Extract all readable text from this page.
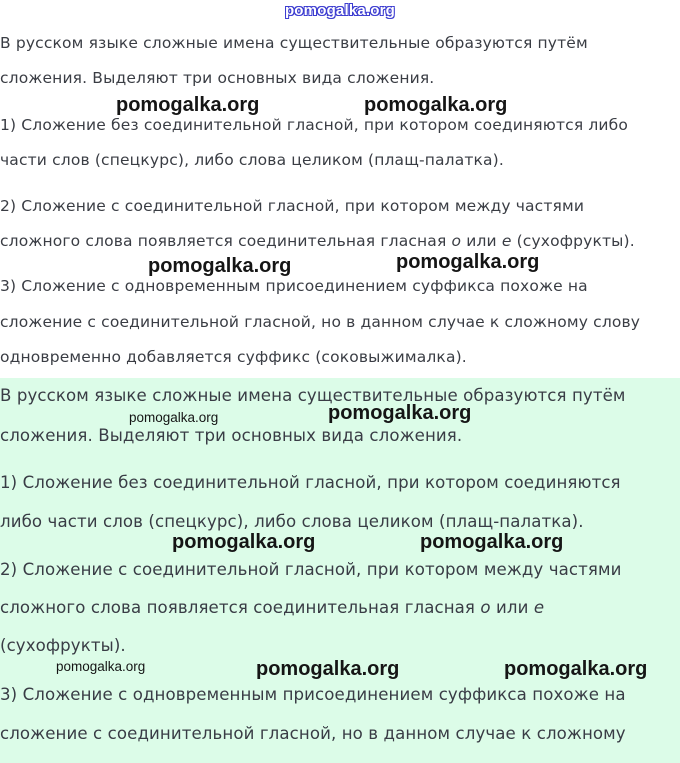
В русском языке сложные имена существительные образуются путём
сложения. Выделяют три основных вида сложения.
1) Сложение без соединительной гласной, при котором соединяются либо
части слов (спецкурс), либо слова целиком (плащ-палатка).
2) Сложение с соединительной гласной, при котором между частями
сложного слова появляется соединительная гласная о или е (сухофрукты).
3) Сложение с одновременным присоединением суффикса похоже на
сложение с соединительной гласной, но в данном случае к сложному слову
одновременно добавляется суффикс (соковыжималка).
В русском языке сложные имена существительные образуются путём
сложения. Выделяют три основных вида сложения.
1) Сложение без соединительной гласной, при котором соединяются
либо части слов (спецкурс), либо слова целиком (плащ-палатка).
2) Сложение с соединительной гласной, при котором между частями
сложного слова появляется соединительная гласная о или е
(сухофрукты).
3) Сложение с одновременным присоединением суффикса похоже на
сложение с соединительной гласной, но в данном случае к сложному
pomogalka.org
pomogalka.org	pomogalka.org
pomogalka.org	pomogalka.org
pomogalka.org	pomogalka.org
pomogalka.org	pomogalka.org
pomogalka.org	pomogalka.org	pomogalka.org
